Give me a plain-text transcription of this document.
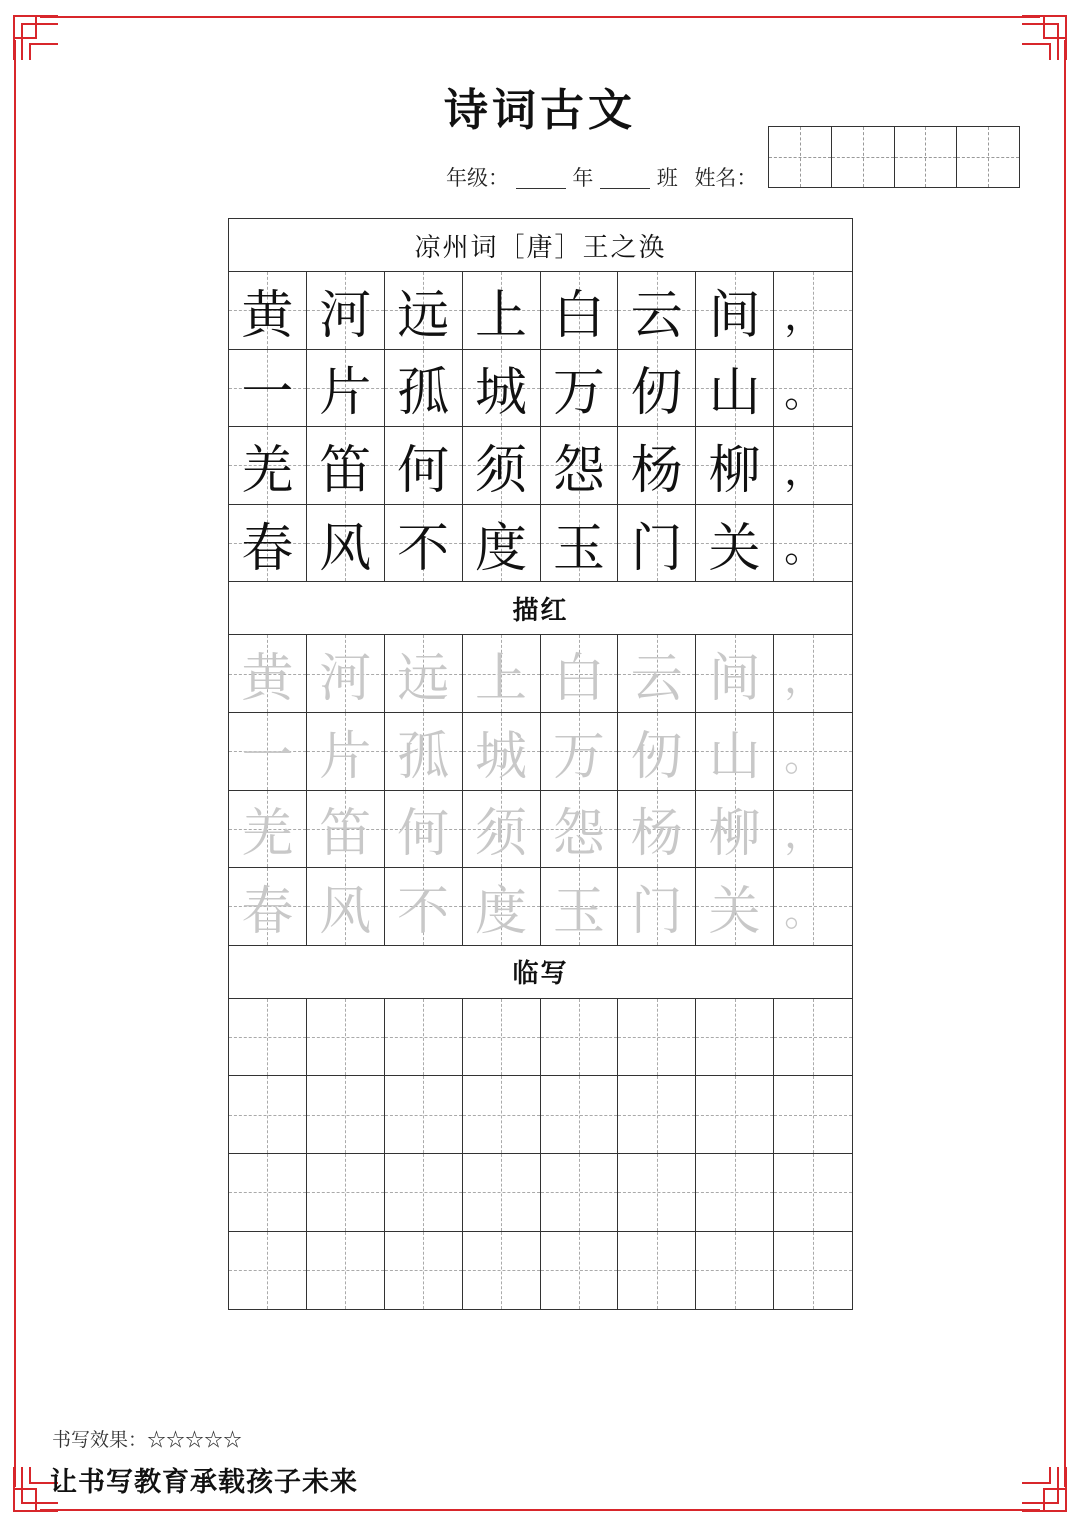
诗词古文
年级：	年	班 姓名：
凉州词［唐］王之涣
黄 河 远 上 白 云 间 ，
一 片 孤 城 万 仞 山 。
羌 笛 何 须 怨 杨 柳 ，
春 风 不 度 玉 门 关 。
描红
黄 河 远 上 白 云 间 ，
一 片 孤 城 万 仞 山 。
羌 笛 何 须 怨 杨 柳 ，
春 风 不 度 玉 门 关 。
临写
书写效果：☆☆☆☆☆
让书写教育承载孩子未来
